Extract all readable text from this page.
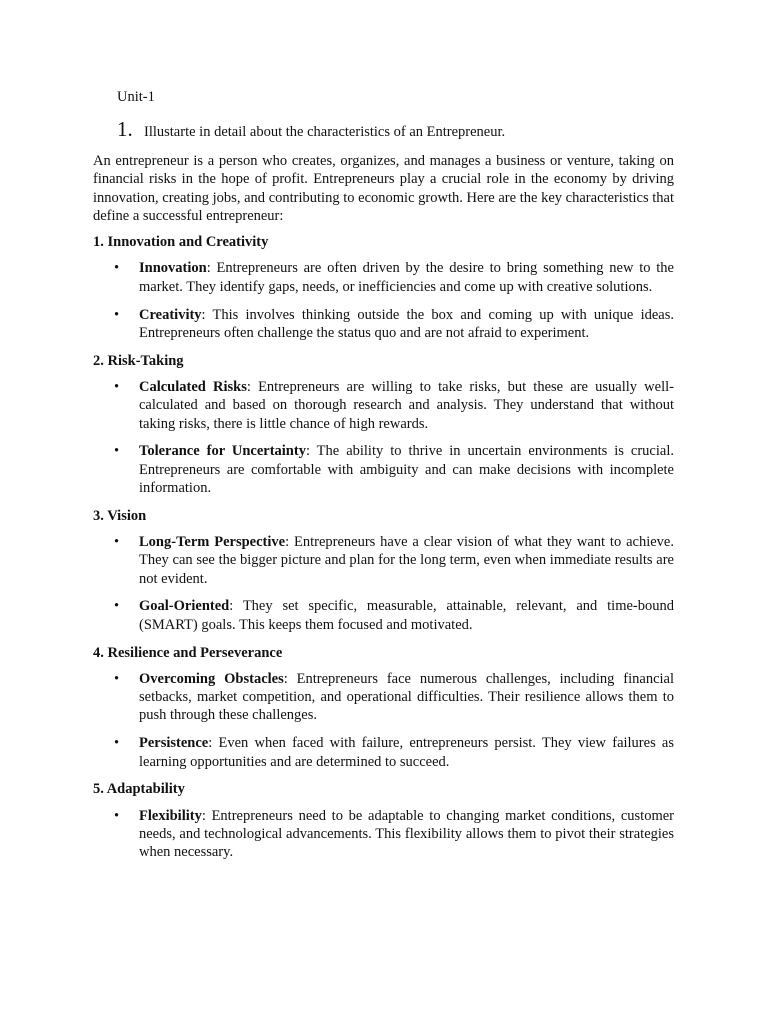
Unit-1
1. Illustarte in detail about the characteristics of an Entrepreneur.

An entrepreneur is a person who creates, organizes, and manages a business or venture, taking on financial risks in the hope of profit. Entrepreneurs play a crucial role in the economy by driving innovation, creating jobs, and contributing to economic growth. Here are the key characteristics that define a successful entrepreneur:

1. Innovation and Creativity
• Innovation: Entrepreneurs are often driven by the desire to bring something new to the market. They identify gaps, needs, or inefficiencies and come up with creative solutions.
• Creativity: This involves thinking outside the box and coming up with unique ideas. Entrepreneurs often challenge the status quo and are not afraid to experiment.
2. Risk-Taking
• Calculated Risks: Entrepreneurs are willing to take risks, but these are usually well-calculated and based on thorough research and analysis. They understand that without taking risks, there is little chance of high rewards.
• Tolerance for Uncertainty: The ability to thrive in uncertain environments is crucial. Entrepreneurs are comfortable with ambiguity and can make decisions with incomplete information.
3. Vision
• Long-Term Perspective: Entrepreneurs have a clear vision of what they want to achieve. They can see the bigger picture and plan for the long term, even when immediate results are not evident.
• Goal-Oriented: They set specific, measurable, attainable, relevant, and time-bound (SMART) goals. This keeps them focused and motivated.
4. Resilience and Perseverance
• Overcoming Obstacles: Entrepreneurs face numerous challenges, including financial setbacks, market competition, and operational difficulties. Their resilience allows them to push through these challenges.
• Persistence: Even when faced with failure, entrepreneurs persist. They view failures as learning opportunities and are determined to succeed.
5. Adaptability
• Flexibility: Entrepreneurs need to be adaptable to changing market conditions, customer needs, and technological advancements. This flexibility allows them to pivot their strategies when necessary.
